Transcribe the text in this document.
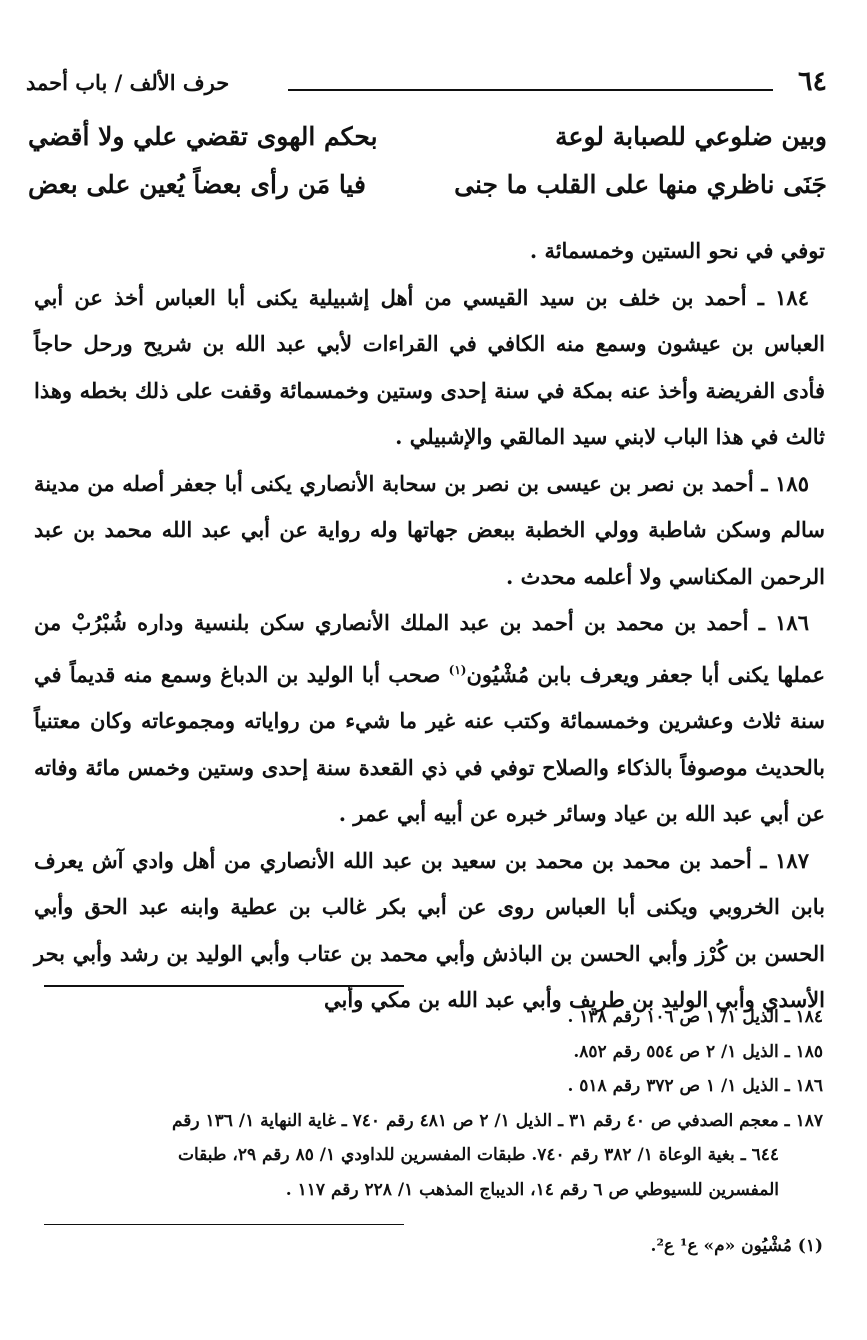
٦٤
حرف الألف / باب أحمد
وبين ضلوعي للصبابة لوعة
بحكم الهوى تقضي علي ولا أقضي
جَنَى ناظري منها على القلب ما جنى
فيا مَن رأى بعضاً يُعين على بعض

توفي في نحو الستين وخمسمائة .

١٨٤ ـ أحمد بن خلف بن سيد القيسي من أهل إشبيلية يكنى أبا العباس أخذ عن أبي العباس بن عيشون وسمع منه الكافي في القراءات لأبي عبد الله بن شريح ورحل حاجاً فأدى الفريضة وأخذ عنه بمكة في سنة إحدى وستين وخمسمائة وقفت على ذلك بخطه وهذا ثالث في هذا الباب لابني سيد المالقي والإشبيلي .

١٨٥ ـ أحمد بن نصر بن عيسى بن نصر بن سحابة الأنصاري يكنى أبا جعفر أصله من مدينة سالم وسكن شاطبة وولي الخطبة ببعض جهاتها وله رواية عن أبي عبد الله محمد بن عبد الرحمن المكناسي ولا أعلمه محدث .

١٨٦ ـ أحمد بن محمد بن أحمد بن عبد الملك الأنصاري سكن بلنسية وداره شُبْرُبْ من عملها يكنى أبا جعفر ويعرف بابن مُشْيُون$^{(١)}$ صحب أبا الوليد بن الدباغ وسمع منه قديماً في سنة ثلاث وعشرين وخمسمائة وكتب عنه غير ما شيء من رواياته ومجموعاته وكان معتنياً بالحديث موصوفاً بالذكاء والصلاح توفي في ذي القعدة سنة إحدى وستين وخمس مائة وفاته عن أبي عبد الله بن عياد وسائر خبره عن أبيه أبي عمر .

١٨٧ ـ أحمد بن محمد بن محمد بن سعيد بن عبد الله الأنصاري من أهل وادي آش يعرف بابن الخروبي ويكنى أبا العباس روى عن أبي بكر غالب بن عطية وابنه عبد الحق وأبي الحسن بن كُرْز وأبي الحسن بن الباذش وأبي محمد بن عتاب وأبي الوليد بن رشد وأبي بحر الأسدي وأبي الوليد بن طريف وأبي عبد الله بن مكي وأبي

١٨٤ ـ الذيل ١/ ١ ص ١٠٦ رقم ١٣٨ .

١٨٥ ـ الذيل ١/ ٢ ص ٥٥٤ رقم ٨٥٢.

١٨٦ ـ الذيل ١/ ١ ص ٣٧٢ رقم ٥١٨ .

١٨٧ ـ معجم الصدفي ص ٤٠ رقم ٣١ ـ الذيل ١/ ٢ ص ٤٨١ رقم ٧٤٠ ـ غاية النهاية ١/ ١٣٦ رقم

٦٤٤ ـ بغية الوعاة ١/ ٣٨٢ رقم ٧٤٠. طبقات المفسرين للداودي ١/ ٨٥ رقم ٢٩، طبقات

المفسرين للسيوطي ص ٦ رقم ١٤، الديباج المذهب ١/ ٢٢٨ رقم ١١٧ .

(١) مُشْيُون «م» ع¹ ع².
